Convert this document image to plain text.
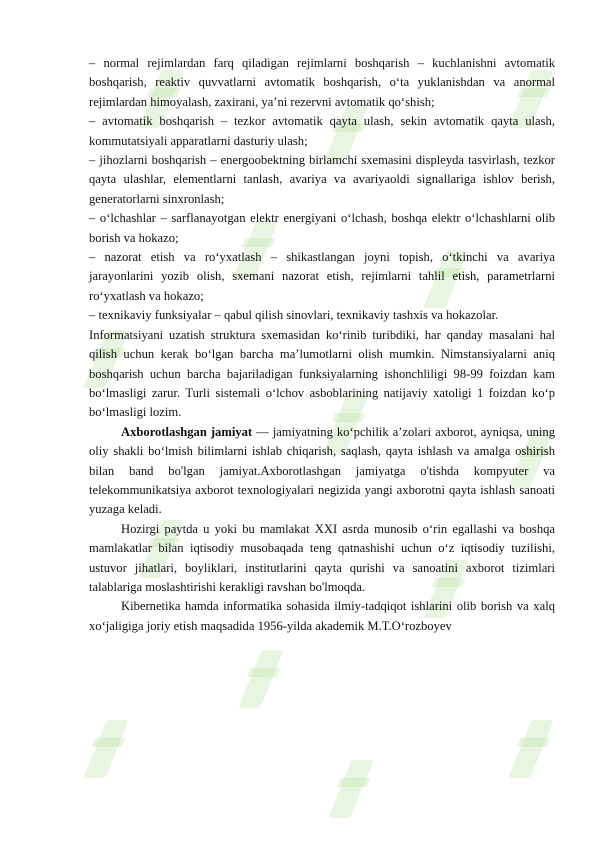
– normal rejimlardan farq qiladigan rejimlarni boshqarish – kuchlanishni avtomatik boshqarish, reaktiv quvvatlarni avtomatik boshqarish, o‘ta yuklanishdan va anormal rejimlardan himoyalash, zaxirani, ya’ni rezervni avtomatik qo‘shish;

– avtomatik boshqarish – tezkor avtomatik qayta ulash, sekin avtomatik qayta ulash, kommutatsiyali apparatlarni dasturiy ulash;

– jihozlarni boshqarish – energoobektning birlamchi sxemasini displeyda tasvirlash, tezkor qayta ulashlar, elementlarni tanlash, avariya va avariyaoldi signallariga ishlov berish, generatorlarni sinxronlash;

– o‘lchashlar – sarflanayotgan elektr energiyani o‘lchash, boshqa elektr o‘lchashlarni olib borish va hokazo;

– nazorat etish va ro‘yxatlash – shikastlangan joyni topish, o‘tkinchi va avariya jarayonlarini yozib olish, sxemani nazorat etish, rejimlarni tahlil etish, parametrlarni ro‘yxatlash va hokazo;

– texnikaviy funksiyalar – qabul qilish sinovlari, texnikaviy tashxis va hokazolar.

Informatsiyani uzatish struktura sxemasidan ko‘rinib turibdiki, har qanday masalani hal qilish uchun kerak bo‘lgan barcha ma’lumotlarni olish mumkin. Nimstansiyalarni aniq boshqarish uchun barcha bajariladigan funksiyalarning ishonchliligi 98-99 foizdan kam bo‘lmasligi zarur. Turli sistemali o‘lchov asboblarining natijaviy xatoligi 1 foizdan ko‘p bo‘lmasligi lozim.

Axborotlashgan jamiyat — jamiyatning ko‘pchilik a’zolari axborot, ayniqsa, uning oliy shakli bo‘lmish bilimlarni ishlab chiqarish, saqlash, qayta ishlash va amalga oshirish bilan band bo'lgan jamiyat.Axborotlashgan jamiyatga o'tishda kompyuter va telekommunikatsiya axborot texnologiyalari negizida yangi axborotni qayta ishlash sanoati yuzaga keladi.

Hozirgi paytda u yoki bu mamlakat XXI asrda munosib o‘rin egallashi va boshqa mamlakatlar bilan iqtisodiy musobaqada teng qatnashishi uchun o‘z iqtisodiy tuzilishi, ustuvor jihatlari, boyliklari, institutlarini qayta qurishi va sanoatini axborot tizimlari talablariga moslashtirishi kerakligi ravshan bo'lmoqda.

Kibernetika hamda informatika sohasida ilmiy-tadqiqot ishlarini olib borish va xalq xo‘jaligiga joriy etish maqsadida 1956-yilda akademik M.T.O‘rozboyev
